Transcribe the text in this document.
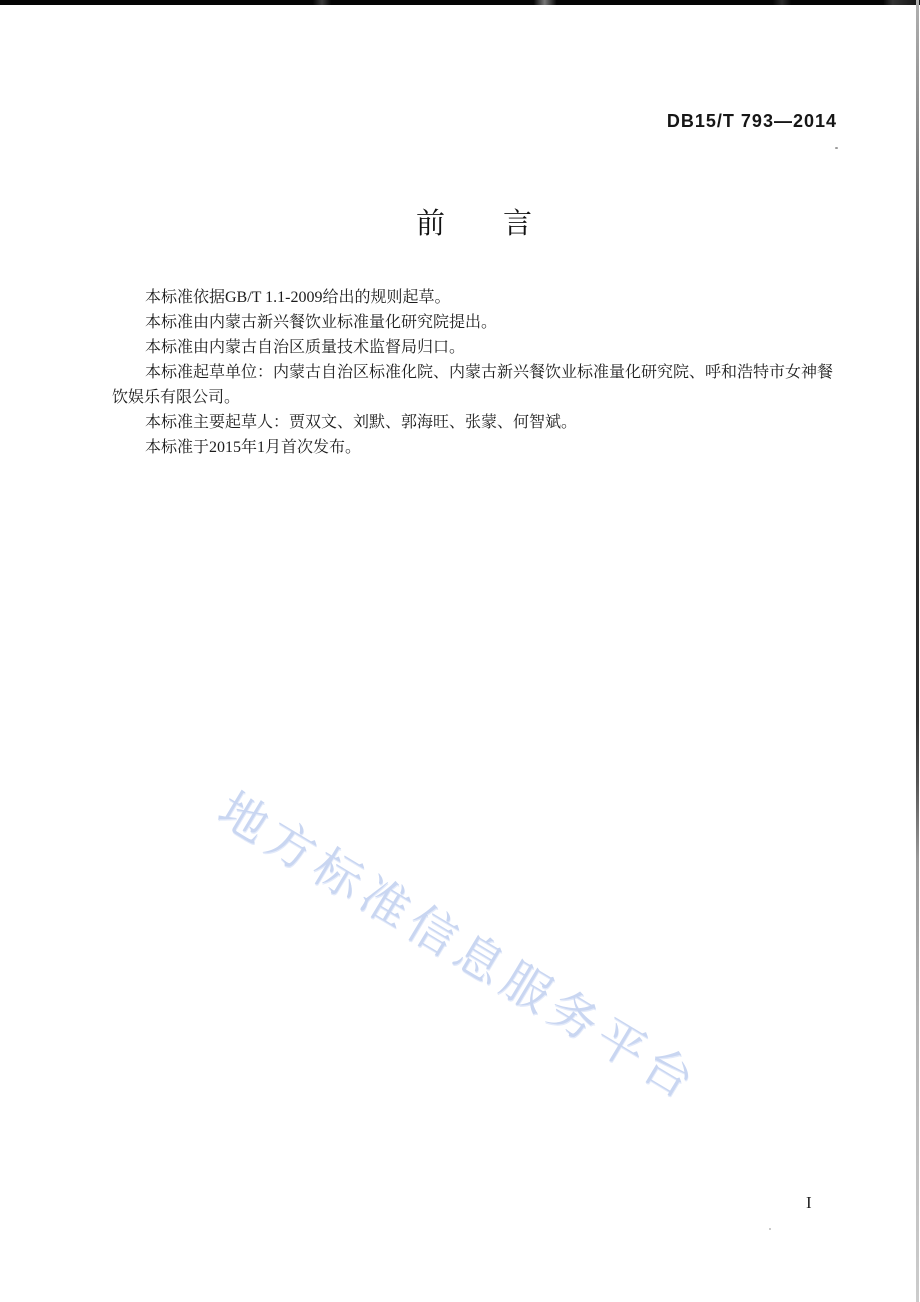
DB15/T 793—2014
前　　言
本标准依据GB/T 1.1-2009给出的规则起草。
本标准由内蒙古新兴餐饮业标准量化研究院提出。
本标准由内蒙古自治区质量技术监督局归口。
本标准起草单位：内蒙古自治区标准化院、内蒙古新兴餐饮业标准量化研究院、呼和浩特市女神餐
饮娱乐有限公司。
本标准主要起草人：贾双文、刘默、郭海旺、张蒙、何智斌。
本标准于2015年1月首次发布。
地方标准信息服务平台
I
